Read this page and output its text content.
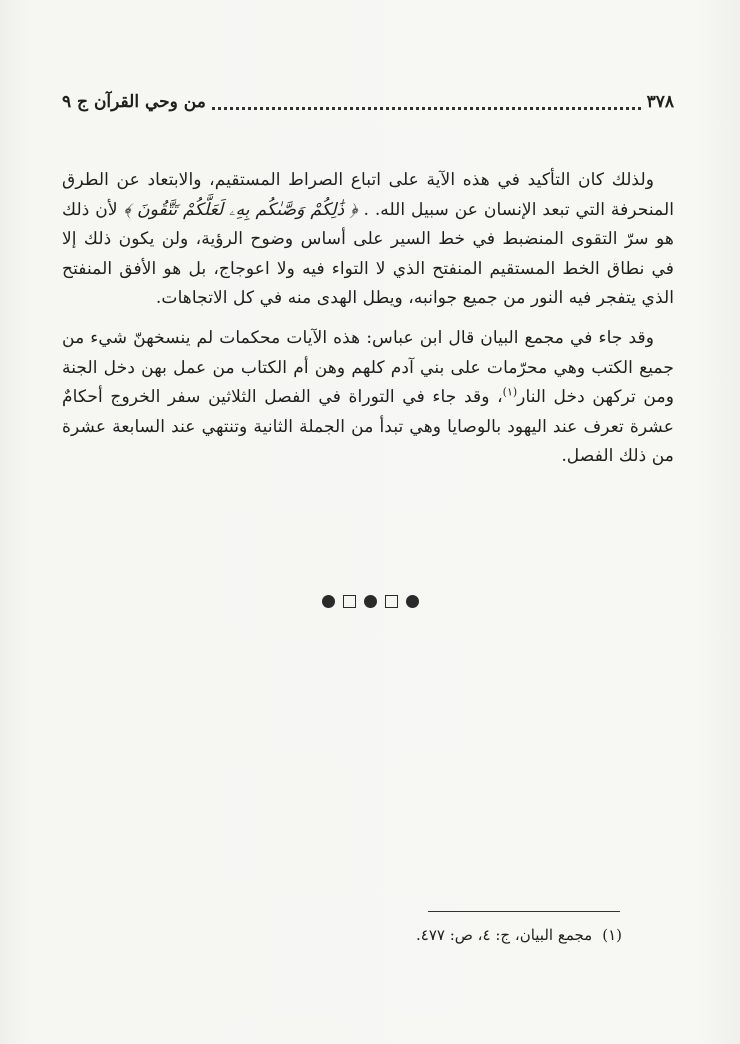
٣٧٨
من وحي القرآن ج ٩

ولذلك كان التأكيد في هذه الآية على اتباع الصراط المستقيم، والابتعاد عن الطرق المنحرفة التي تبعد الإنسان عن سبيل الله. . ﴿ ذَٰلِكُمْ وَصَّىٰكُم بِهِۦ لَعَلَّكُمْ تَتَّقُونَ ﴾ لأن ذلك هو سرّ التقوى المنضبط في خط السير على أساس وضوح الرؤية، ولن يكون ذلك إلا في نطاق الخط المستقيم المنفتح الذي لا التواء فيه ولا اعوجاج، بل هو الأفق المنفتح الذي يتفجر فيه النور من جميع جوانبه، ويطل الهدى منه في كل الاتجاهات.

وقد جاء في مجمع البيان قال ابن عباس: هذه الآيات محكمات لم ينسخهنّ شيء من جميع الكتب وهي محرّمات على بني آدم كلهم وهن أم الكتاب من عمل بهن دخل الجنة ومن تركهن دخل النار$^{(١)}$، وقد جاء في التوراة في الفصل الثلاثين سفر الخروج أحكامٌ عشرة تعرف عند اليهود بالوصايا وهي تبدأ من الجملة الثانية وتنتهي عند السابعة عشرة من ذلك الفصل.

(١)مجمع البيان، ج: ٤، ص: ٤٧٧.
